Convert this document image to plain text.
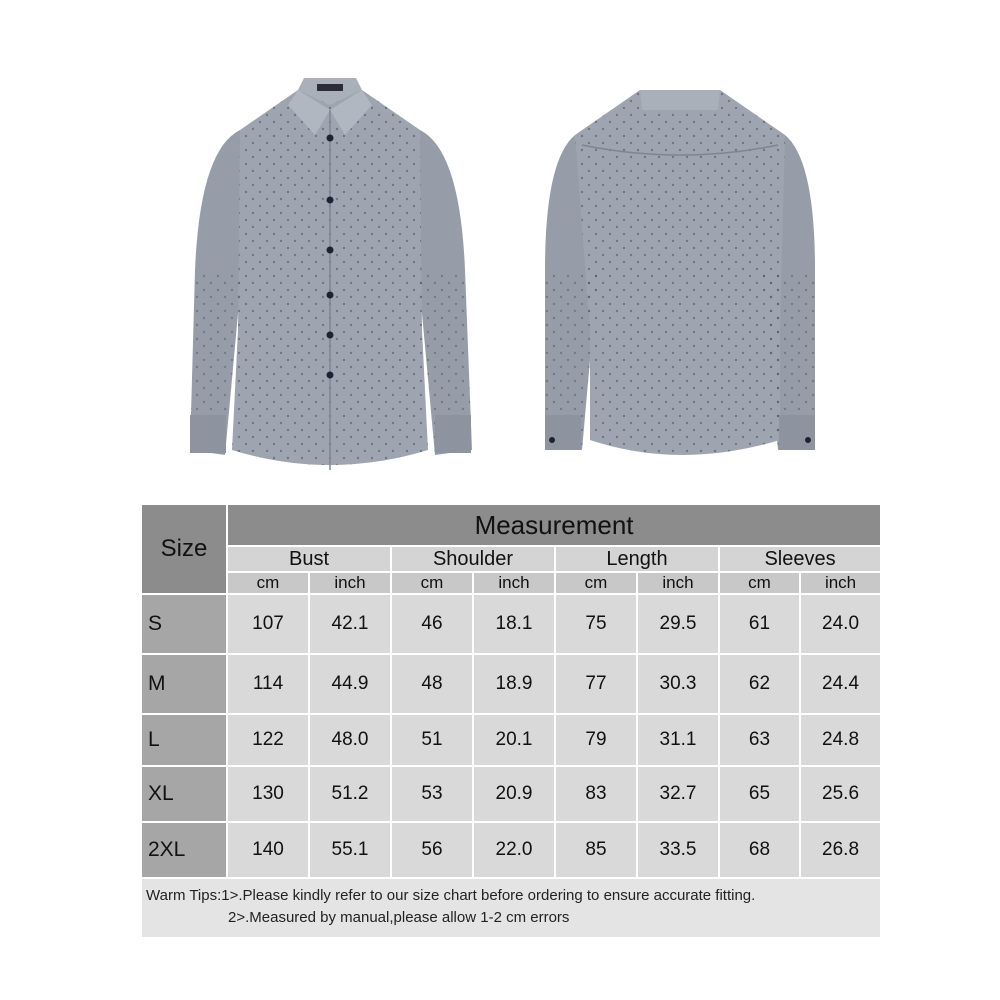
Size	Measurement							
	Bust		Shoulder		Length		Sleeves	
	cm	inch	cm	inch	cm	inch	cm	inch
S	107	42.1	46	18.1	75	29.5	61	24.0
M	114	44.9	48	18.9	77	30.3	62	24.4
L	122	48.0	51	20.1	79	31.1	63	24.8
XL	130	51.2	53	20.9	83	32.7	65	25.6
2XL	140	55.1	56	22.0	85	33.5	68	26.8
Warm Tips:1>.Please kindly refer to our size chart before ordering to ensure accurate fitting.
2>.Measured by manual,please allow 1-2 cm errors								
